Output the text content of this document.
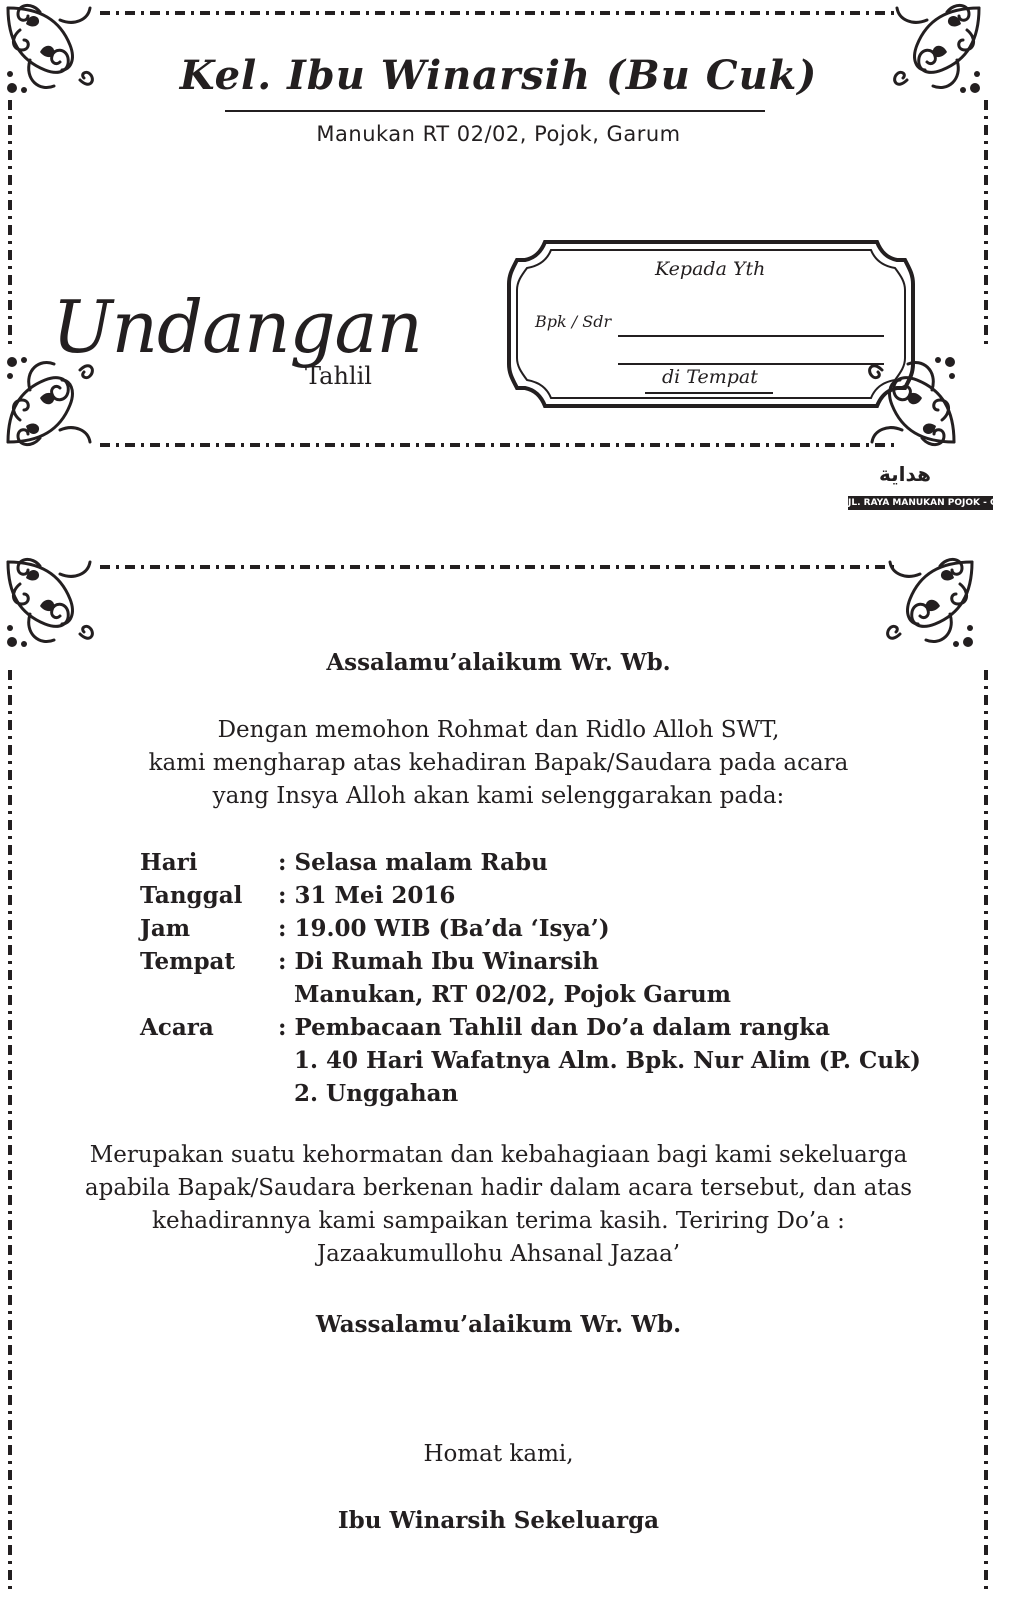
Kel. Ibu Winarsih (Bu Cuk)
Manukan RT 02/02, Pojok, Garum
Undangan
Tahlil
Kepada Yth
Bpk / Sdr
di Tempat
هداية
JL. RAYA MANUKAN POJOK - GARUM
Assalamu’alaikum Wr. Wb.
Dengan memohon Rohmat dan Ridlo Alloh SWT,
kami mengharap atas kehadiran Bapak/Saudara pada acara
yang Insya Alloh akan kami selenggarakan pada:
Hari	: Selasa malam Rabu
Tanggal	: 31 Mei 2016
Jam	: 19.00 WIB (Ba’da ‘Isya’)
Tempat	: Di Rumah Ibu Winarsih
Manukan, RT 02/02, Pojok Garum
Acara	: Pembacaan Tahlil dan Do’a dalam rangka
1. 40 Hari Wafatnya Alm. Bpk. Nur Alim (P. Cuk)
2. Unggahan
Merupakan suatu kehormatan dan kebahagiaan bagi kami sekeluarga
apabila Bapak/Saudara berkenan hadir dalam acara tersebut, dan atas
kehadirannya kami sampaikan terima kasih. Teriring Do’a :
Jazaakumullohu Ahsanal Jazaa’
Wassalamu’alaikum Wr. Wb.
Homat kami,
Ibu Winarsih Sekeluarga
